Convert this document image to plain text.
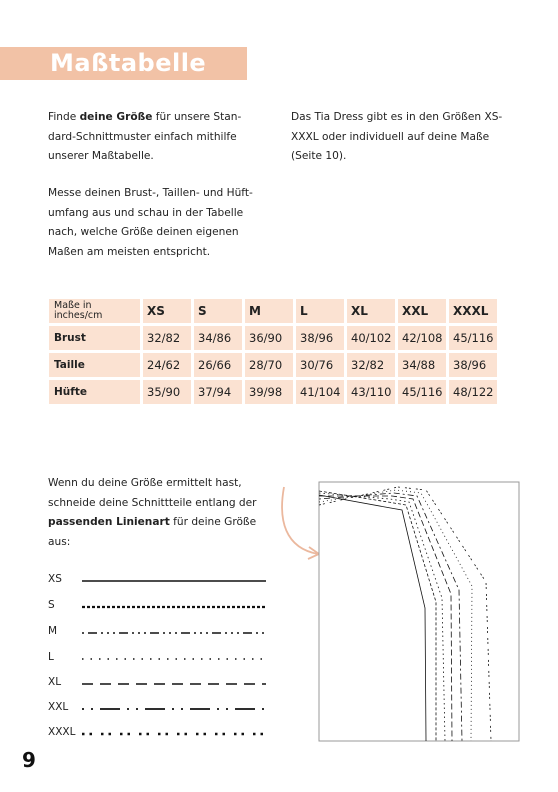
Maßtabelle
Finde deine Größe für unsere Stan-dard-Schnittmuster einfach mithilfe unserer Maßtabelle.
Messe deinen Brust-, Taillen- und Hüft-umfang aus und schau in der Tabelle nach, welche Größe deinen eigenen Maßen am meisten entspricht.
Das Tia Dress gibt es in den Größen XS-XXXL oder individuell auf deine Maße (Seite 10).
Maße in inches/cm	XS	S	M	L	XL	XXL	XXXL
Brust	32/82	34/86	36/90	38/96	40/102	42/108	45/116
Taille	24/62	26/66	28/70	30/76	32/82	34/88	38/96
Hüfte	35/90	37/94	39/98	41/104	43/110	45/116	48/122
Wenn du deine Größe ermittelt hast, schneide deine Schnittteile entlang der passenden Linienart für deine Größe aus:
XS
S
M
L
XL
XXL
XXXL
9
